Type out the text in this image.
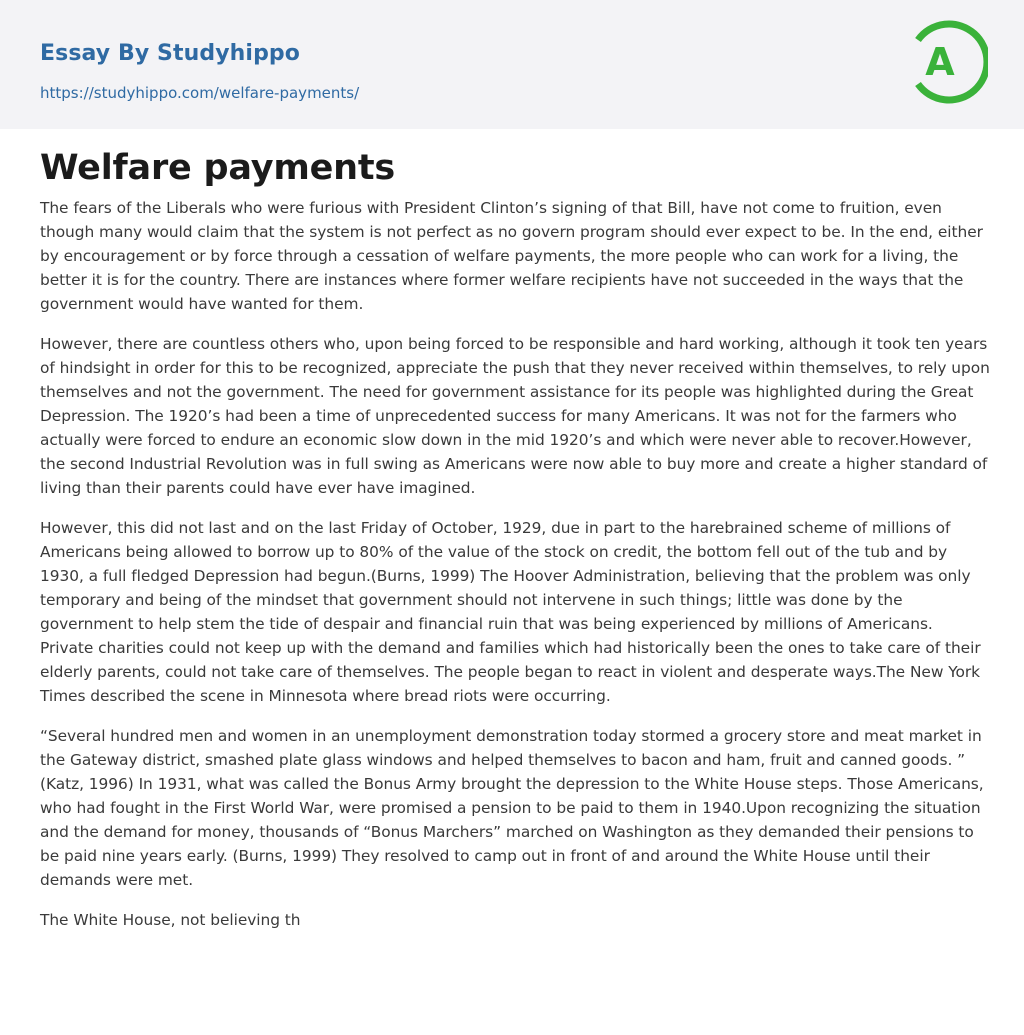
Essay By Studyhippo
https://studyhippo.com/welfare-payments/
A
Welfare payments

The fears of the Liberals who were furious with President Clinton’s signing of that Bill, have not come to fruition, even though many would claim that the system is not perfect as no govern program should ever expect to be. In the end, either by encouragement or by force through a cessation of welfare payments, the more people who can work for a living, the better it is for the country. There are instances where former welfare recipients have not succeeded in the ways that the government would have wanted for them.

However, there are countless others who, upon being forced to be responsible and hard working, although it took ten years of hindsight in order for this to be recognized, appreciate the push that they never received within themselves, to rely upon themselves and not the government. The need for government assistance for its people was highlighted during the Great Depression. The 1920’s had been a time of unprecedented success for many Americans. It was not for the farmers who actually were forced to endure an economic slow down in the mid 1920’s and which were never able to recover.However, the second Industrial Revolution was in full swing as Americans were now able to buy more and create a higher standard of living than their parents could have ever have imagined.

However, this did not last and on the last Friday of October, 1929, due in part to the harebrained scheme of millions of Americans being allowed to borrow up to 80% of the value of the stock on credit, the bottom fell out of the tub and by 1930, a full fledged Depression had begun.(Burns, 1999) The Hoover Administration, believing that the problem was only temporary and being of the mindset that government should not intervene in such things; little was done by the government to help stem the tide of despair and financial ruin that was being experienced by millions of Americans. Private charities could not keep up with the demand and families which had historically been the ones to take care of their elderly parents, could not take care of themselves. The people began to react in violent and desperate ways.The New York Times described the scene in Minnesota where bread riots were occurring.

“Several hundred men and women in an unemployment demonstration today stormed a grocery store and meat market in the Gateway district, smashed plate glass windows and helped themselves to bacon and ham, fruit and canned goods. ” (Katz, 1996) In 1931, what was called the Bonus Army brought the depression to the White House steps. Those Americans, who had fought in the First World War, were promised a pension to be paid to them in 1940.Upon recognizing the situation and the demand for money, thousands of “Bonus Marchers” marched on Washington as they demanded their pensions to be paid nine years early. (Burns, 1999) They resolved to camp out in front of and around the White House until their demands were met.

The White House, not believing th
